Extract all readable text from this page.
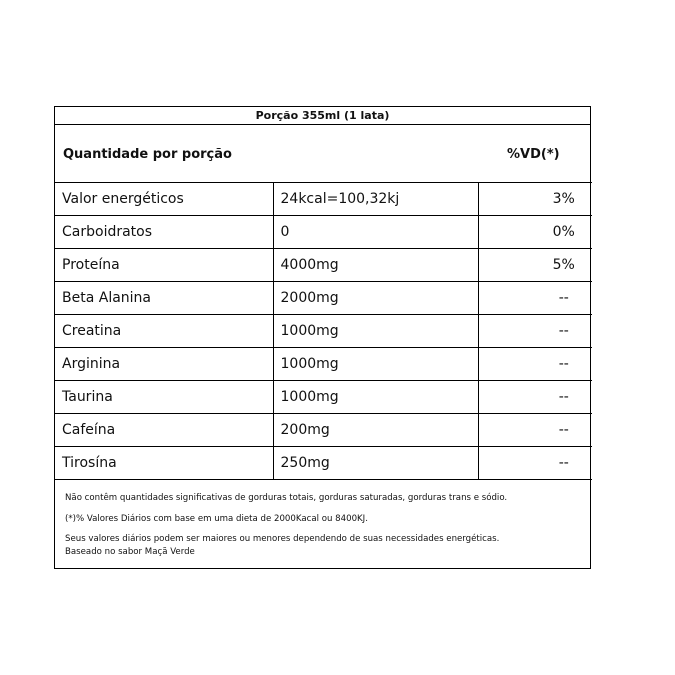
Porção 355ml (1 lata)
Quantidade por porção	%VD(*)
Valor energéticos	24kcal=100,32kj	3%
Carboidratos	0	0%
Proteína	4000mg	5%
Beta Alanina	2000mg	--
Creatina	1000mg	--
Arginina	1000mg	--
Taurina	1000mg	--
Cafeína	200mg	--
Tirosína	250mg	--
Não contêm quantidades significativas de gorduras totais, gorduras saturadas, gorduras trans e sódio.
(*)% Valores Diários com base em uma dieta de 2000Kacal ou 8400KJ.
Seus valores diários podem ser maiores ou menores dependendo de suas necessidades energéticas.
Baseado no sabor Maçã Verde
